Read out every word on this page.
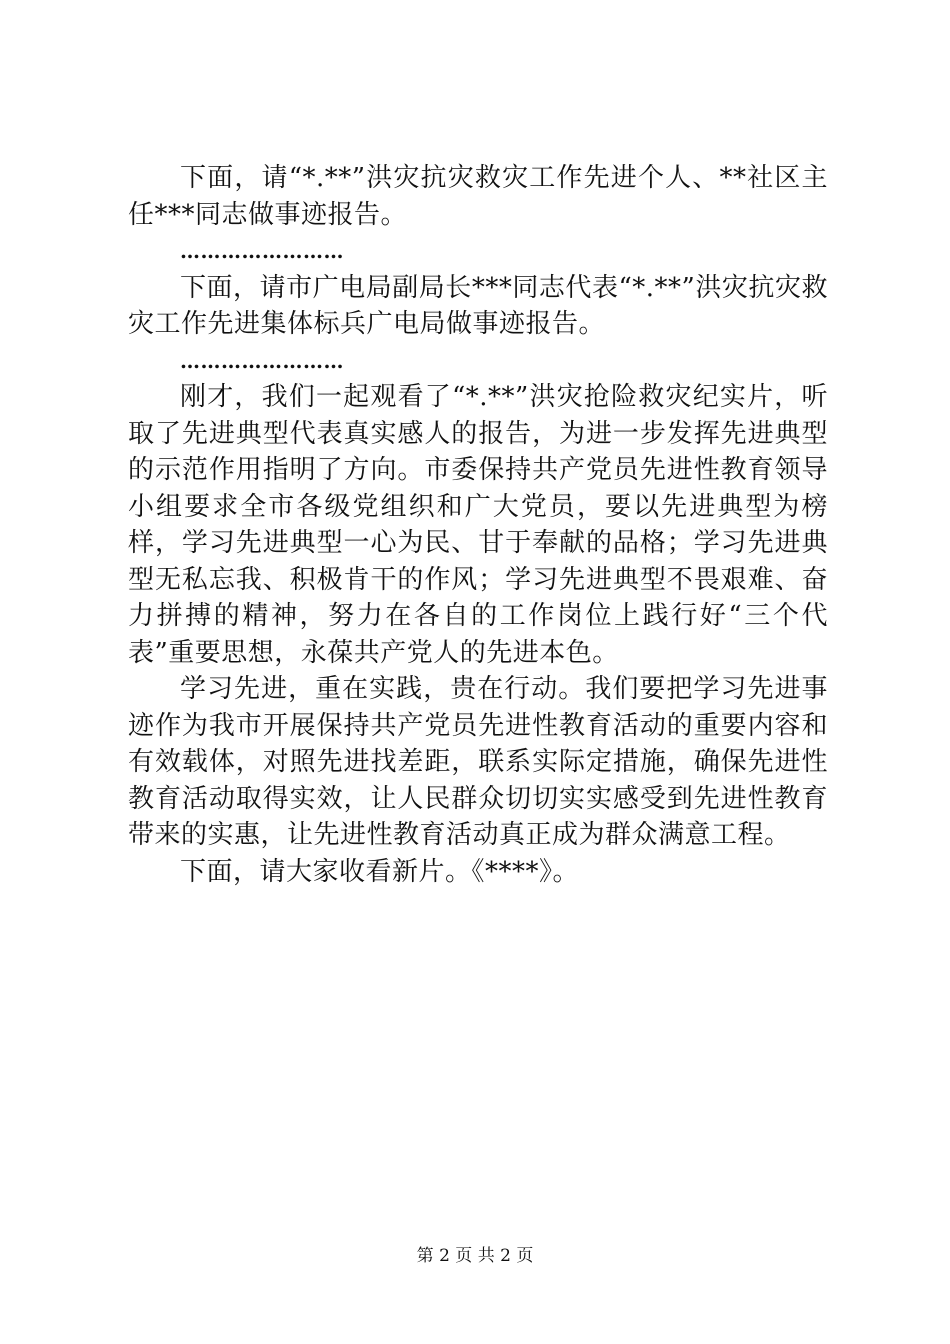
下面，请“*.**”洪灾抗灾救灾工作先进个人、**社区主任***同志做事迹报告。

……………………

下面，请市广电局副局长***同志代表“*.**”洪灾抗灾救灾工作先进集体标兵广电局做事迹报告。

……………………

刚才，我们一起观看了“*.**”洪灾抢险救灾纪实片，听取了先进典型代表真实感人的报告，为进一步发挥先进典型的示范作用指明了方向。市委保持共产党员先进性教育领导小组要求全市各级党组织和广大党员，要以先进典型为榜样，学习先进典型一心为民、甘于奉献的品格；学习先进典型无私忘我、积极肯干的作风；学习先进典型不畏艰难、奋力拼搏的精神，努力在各自的工作岗位上践行好“三个代表”重要思想，永葆共产党人的先进本色。

学习先进，重在实践，贵在行动。我们要把学习先进事迹作为我市开展保持共产党员先进性教育活动的重要内容和有效载体，对照先进找差距，联系实际定措施，确保先进性教育活动取得实效，让人民群众切切实实感受到先进性教育带来的实惠，让先进性教育活动真正成为群众满意工程。

下面，请大家收看新片。《****》。

第 2 页 共 2 页
